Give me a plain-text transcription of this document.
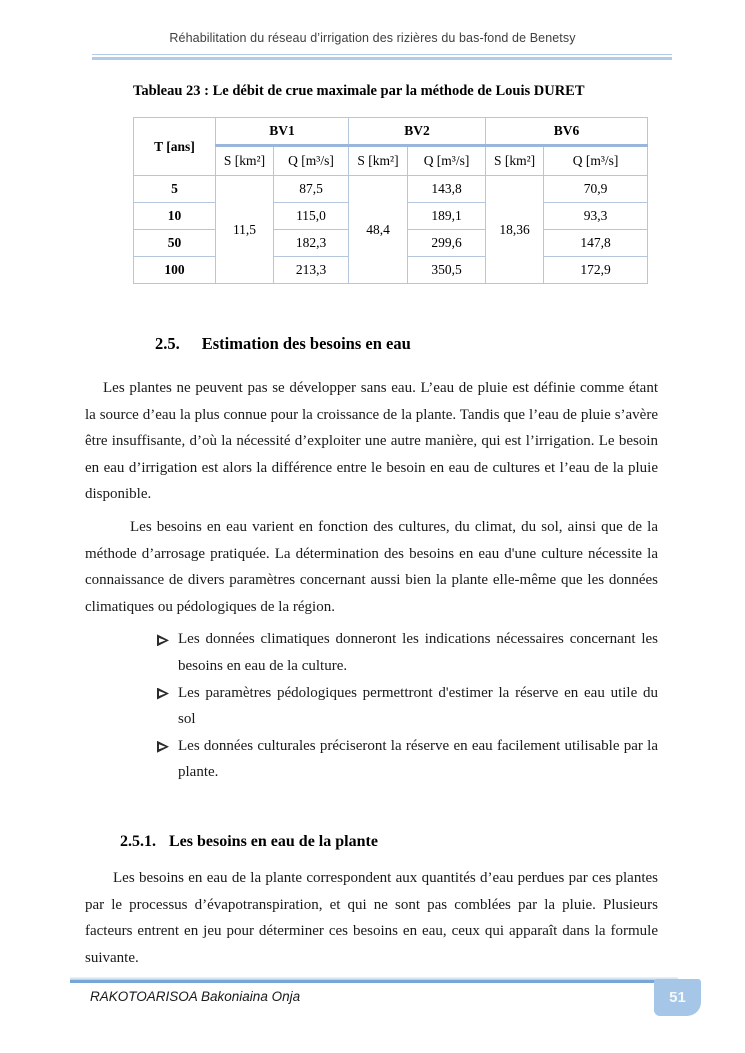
Réhabilitation du réseau d’irrigation des rizières du bas-fond de Benetsy
Tableau 23 : Le débit de crue maximale par la méthode de Louis DURET
T [ans]	BV1		BV2		BV6	
	S [km²]	Q [m³/s]	S [km²]	Q [m³/s]	S [km²]	Q [m³/s]
5	11,5	87,5	48,4	143,8	18,36	70,9
10		115,0		189,1		93,3
50		182,3		299,6		147,8
100		213,3		350,5		172,9
2.5. Estimation des besoins en eau

Les plantes ne peuvent pas se développer sans eau. L’eau de pluie est définie comme étant la source d’eau la plus connue pour la croissance de la plante. Tandis que l’eau de pluie s’avère être insuffisante, d’où la nécessité d’exploiter une autre manière, qui est l’irrigation. Le besoin en eau d’irrigation est alors la différence entre le besoin en eau de cultures et l’eau de la pluie disponible.

Les besoins en eau varient en fonction des cultures, du climat, du sol, ainsi que de la méthode d’arrosage pratiquée. La détermination des besoins en eau d'une culture nécessite la connaissance de divers paramètres concernant aussi bien la plante elle-même que les données climatiques ou pédologiques de la région.

Les données climatiques donneront les indications nécessaires concernant les besoins en eau de la culture.
Les paramètres pédologiques permettront d'estimer la réserve en eau utile du sol
Les données culturales préciseront la réserve en eau facilement utilisable par la plante.
2.5.1. Les besoins en eau de la plante

Les besoins en eau de la plante correspondent aux quantités d’eau perdues par ces plantes par le processus d’évapotranspiration, et qui ne sont pas comblées par la pluie. Plusieurs facteurs entrent en jeu pour déterminer ces besoins en eau, ceux qui apparaît dans la formule suivante.

RAKOTOARISOA Bakoniaina Onja	51
